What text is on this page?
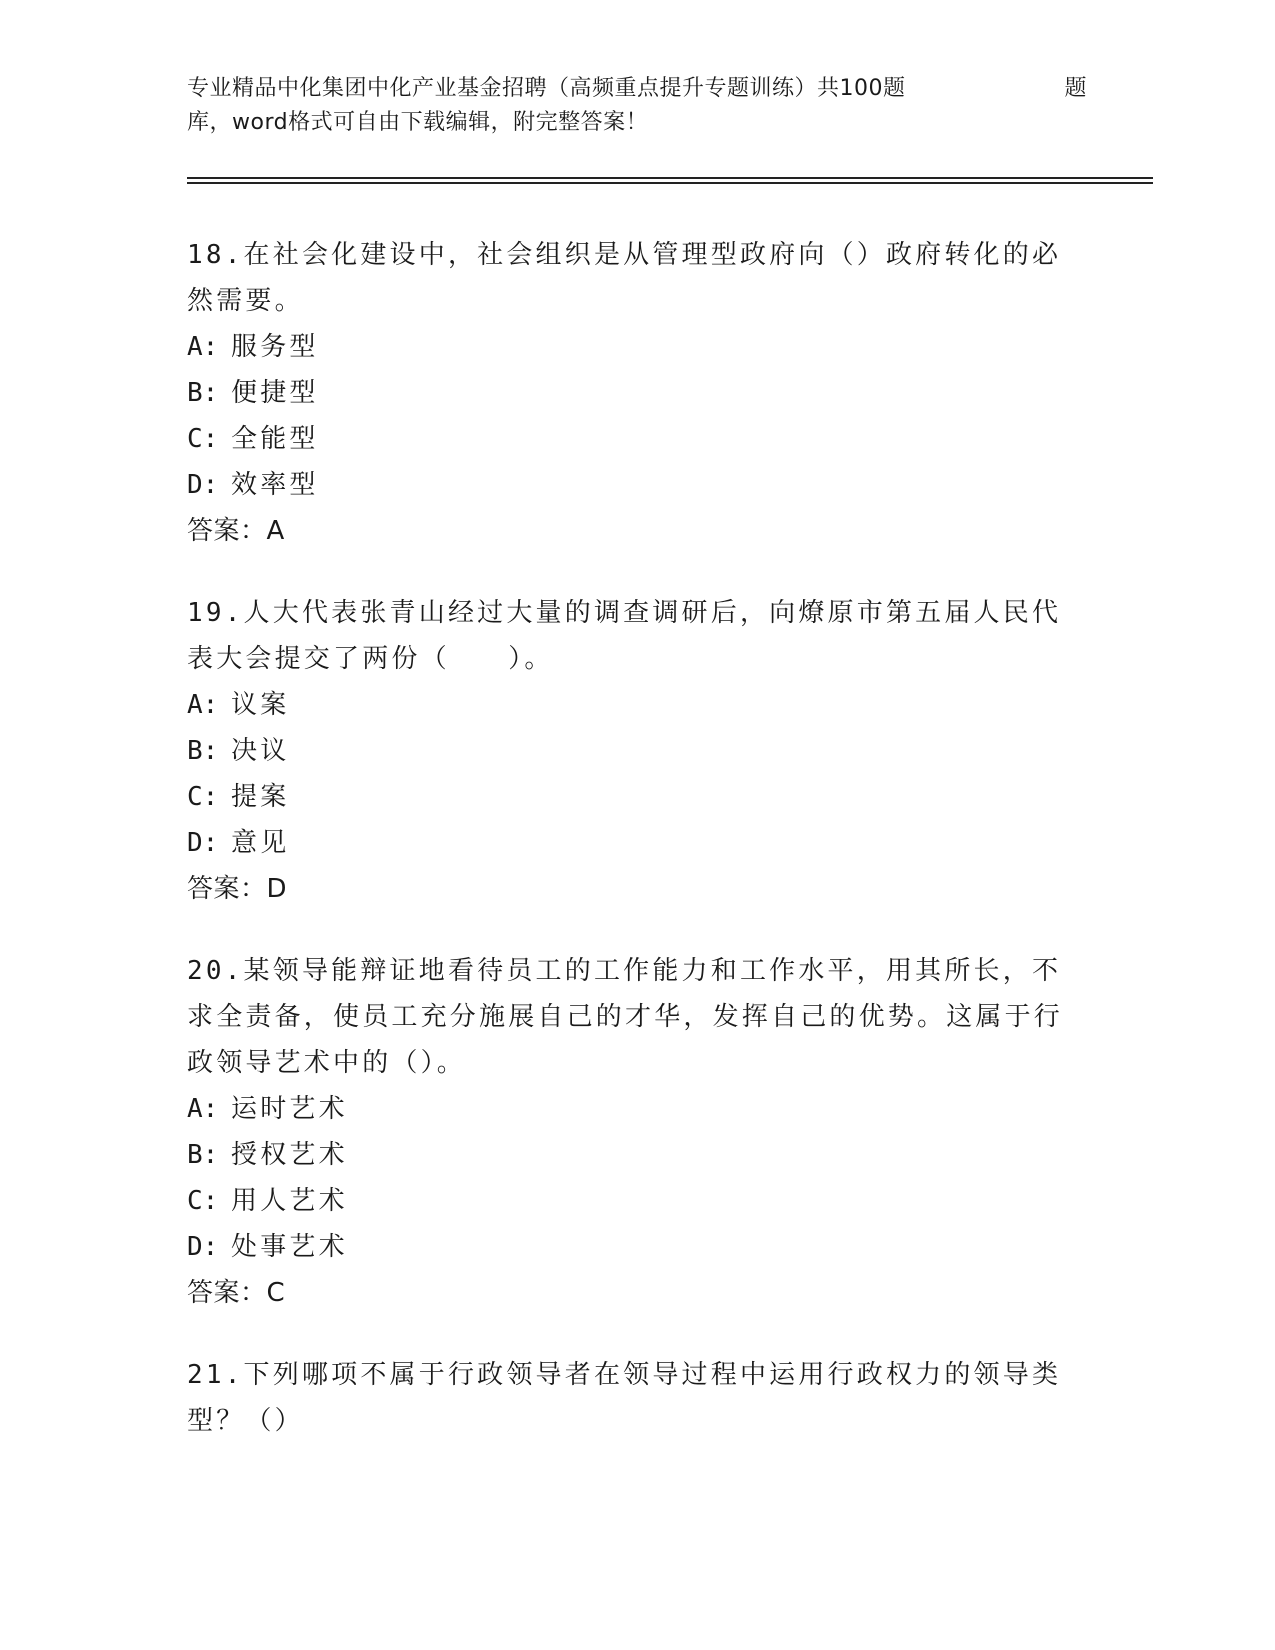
专业精品中化集团中化产业基金招聘（高频重点提升专题训练）共100题	题
库，word格式可自由下载编辑，附完整答案！

18.在社会化建设中，社会组织是从管理型政府向（）政府转化的必然需要。

A: 服务型

B: 便捷型

C: 全能型

D: 效率型

答案：A

19.人大代表张青山经过大量的调查调研后，向燎原市第五届人民代表大会提交了两份（　　）。

A: 议案

B: 决议

C: 提案

D: 意见

答案：D

20.某领导能辩证地看待员工的工作能力和工作水平，用其所长，不求全责备，使员工充分施展自己的才华，发挥自己的优势。这属于行政领导艺术中的（）。

A: 运时艺术

B: 授权艺术

C: 用人艺术

D: 处事艺术

答案：C

21.下列哪项不属于行政领导者在领导过程中运用行政权力的领导类型？（）
